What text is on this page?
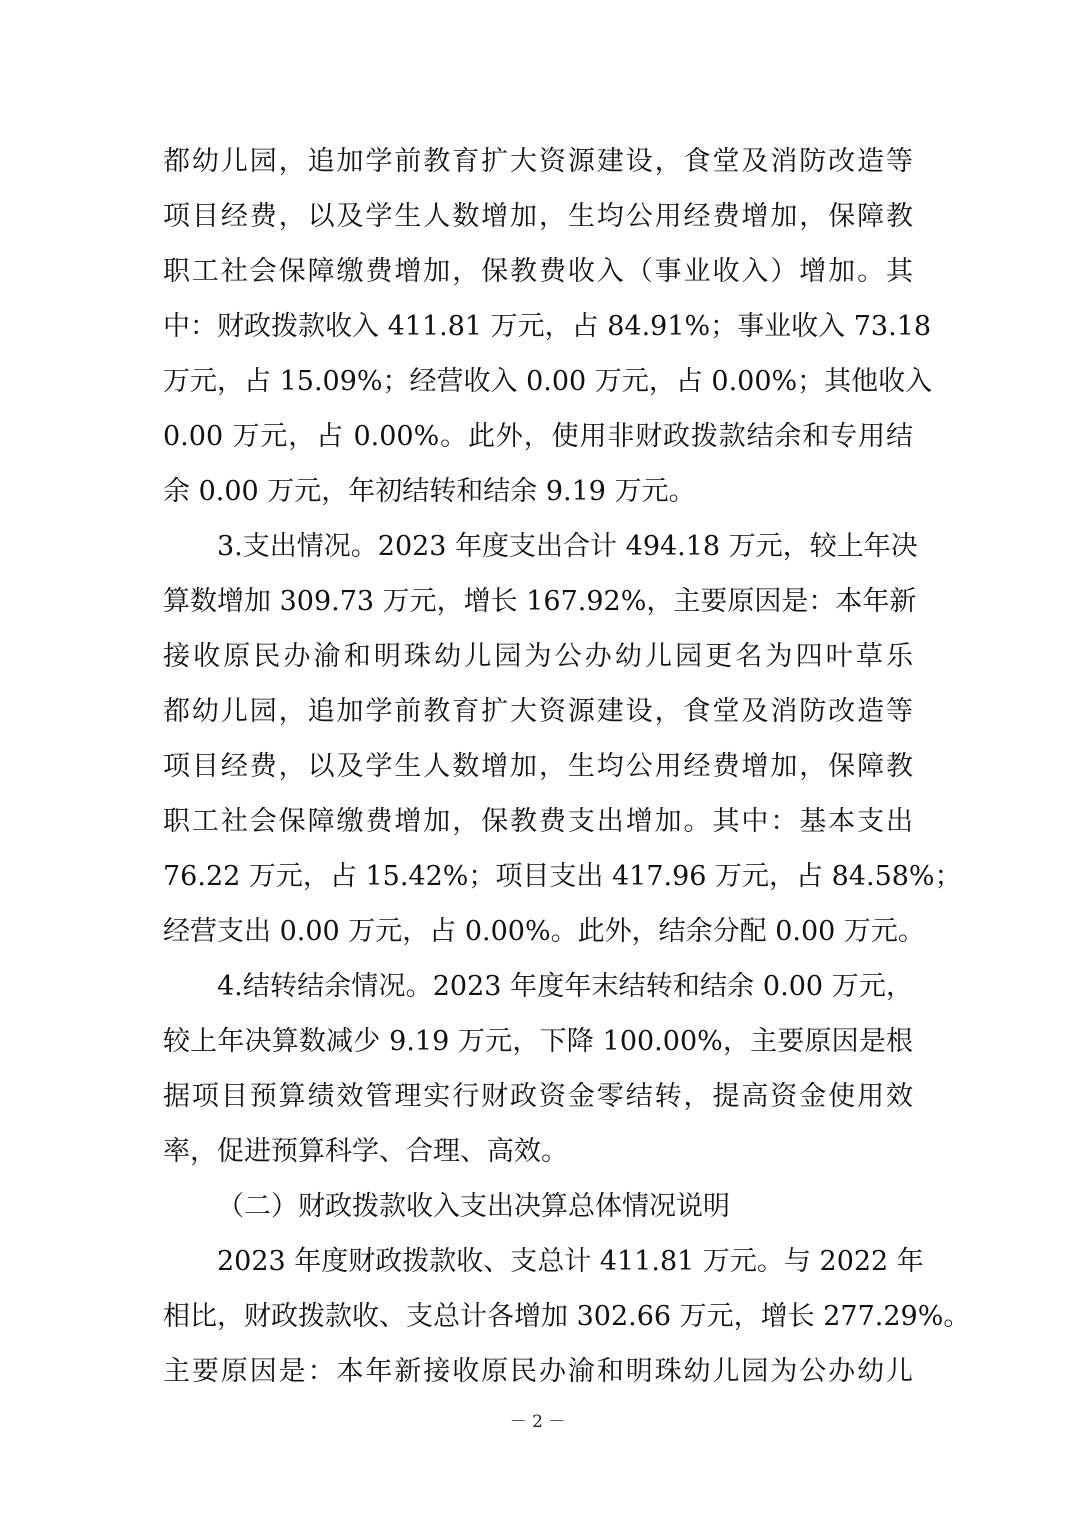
都幼儿园，追加学前教育扩大资源建设，食堂及消防改造等
项目经费，以及学生人数增加，生均公用经费增加，保障教
职工社会保障缴费增加，保教费收入（事业收入）增加。其
中：财政拨款收入 411.81 万元，占 84.91%；事业收入 73.18
万元，占 15.09%；经营收入 0.00 万元，占 0.00%；其他收入
0.00 万元，占 0.00%。此外，使用非财政拨款结余和专用结
余 0.00 万元，年初结转和结余 9.19 万元。
3.支出情况。2023 年度支出合计 494.18 万元，较上年决
算数增加 309.73 万元，增长 167.92%，主要原因是：本年新
接收原民办渝和明珠幼儿园为公办幼儿园更名为四叶草乐
都幼儿园，追加学前教育扩大资源建设，食堂及消防改造等
项目经费，以及学生人数增加，生均公用经费增加，保障教
职工社会保障缴费增加，保教费支出增加。其中：基本支出
76.22 万元，占 15.42%；项目支出 417.96 万元，占 84.58%；
经营支出 0.00 万元，占 0.00%。此外，结余分配 0.00 万元。
4.结转结余情况。2023 年度年末结转和结余 0.00 万元，
较上年决算数减少 9.19 万元，下降 100.00%，主要原因是根
据项目预算绩效管理实行财政资金零结转，提高资金使用效
率，促进预算科学、合理、高效。
（二）财政拨款收入支出决算总体情况说明
2023 年度财政拨款收、支总计 411.81 万元。与 2022 年
相比，财政拨款收、支总计各增加 302.66 万元，增长 277.29%。
主要原因是：本年新接收原民办渝和明珠幼儿园为公办幼儿
－ 2 －
